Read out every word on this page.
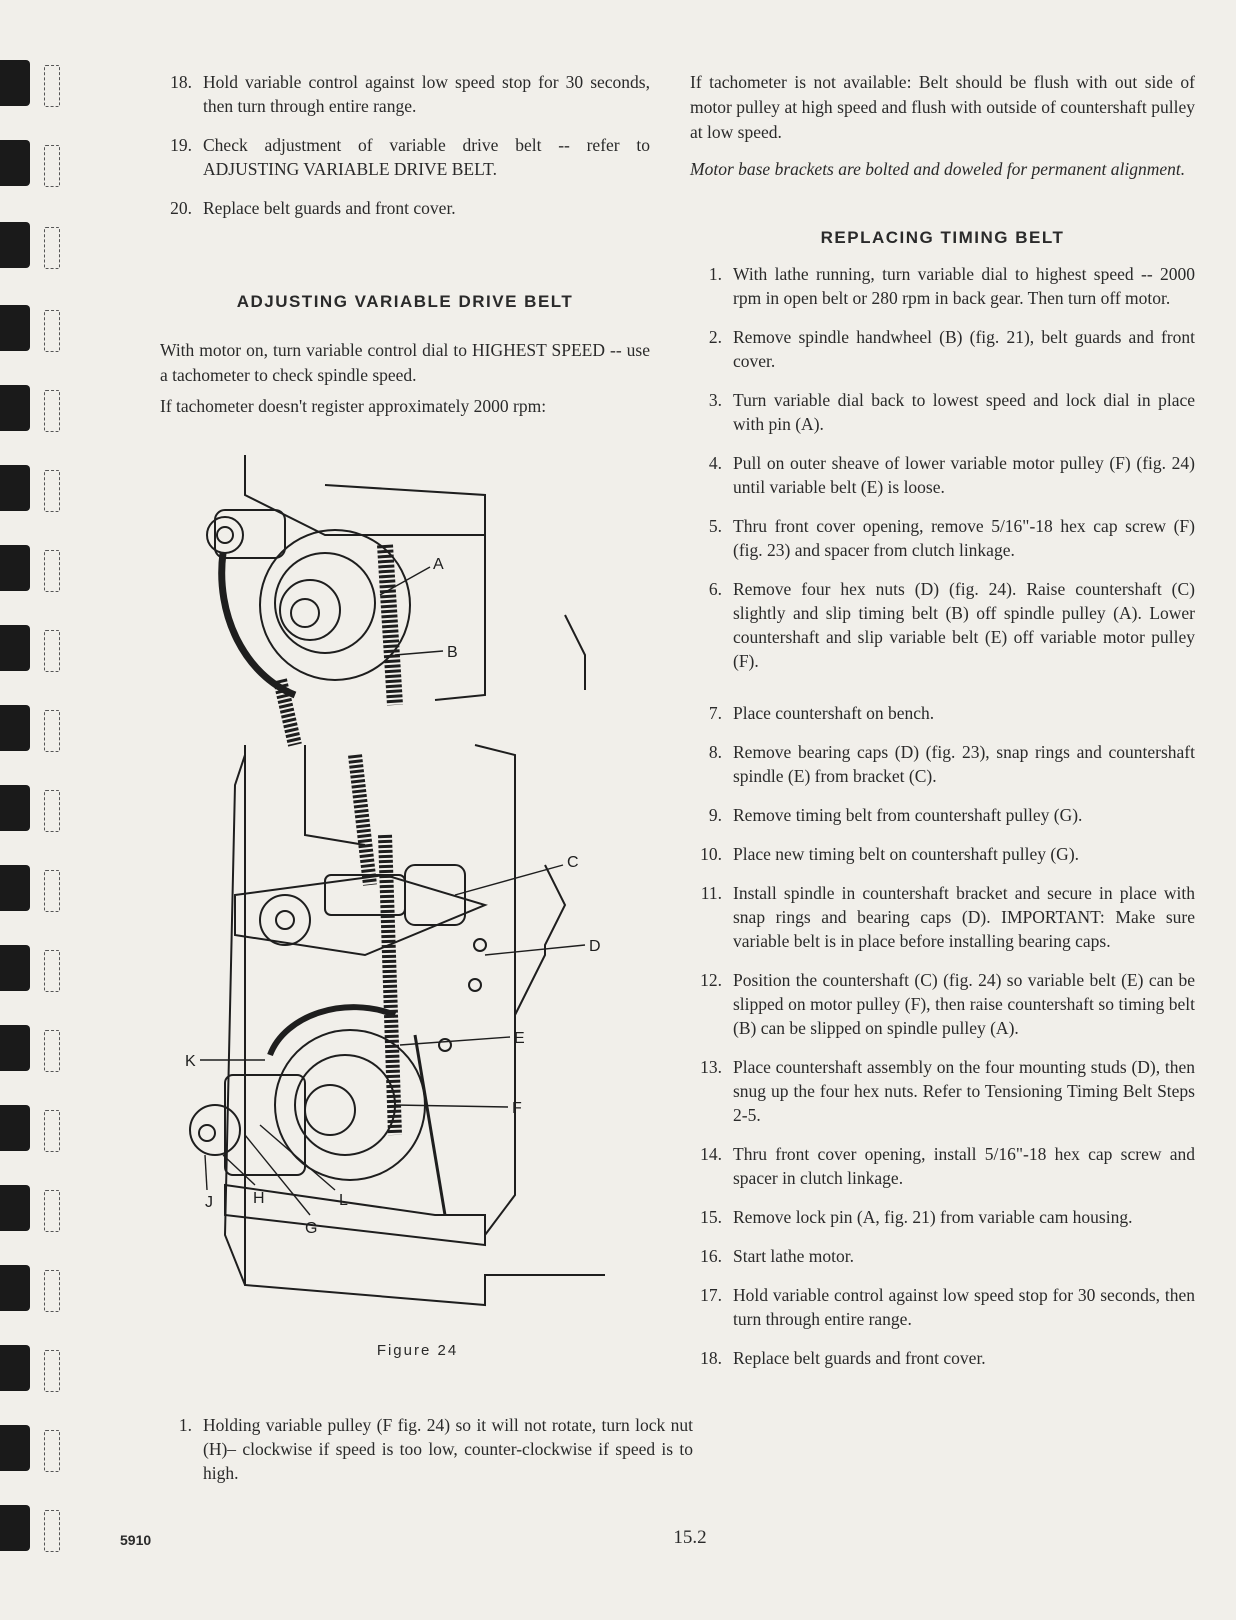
18. Hold variable control against low speed stop for 30 seconds, then turn through entire range.
19. Check adjustment of variable drive belt -- refer to ADJUSTING VARIABLE DRIVE BELT.
20. Replace belt guards and front cover.
ADJUSTING VARIABLE DRIVE BELT
With motor on, turn variable control dial to HIGHEST SPEED -- use a tachometer to check spindle speed.
If tachometer doesn't register approximately 2000 rpm:
A
B
C
D
E
F
G
H
J
K
L
Figure 24
1. Holding variable pulley (F fig. 24) so it will not rotate, turn lock nut (H)– clockwise if speed is too low, counter-clockwise if speed is to high.
If tachometer is not available: Belt should be flush with out side of motor pulley at high speed and flush with outside of countershaft pulley at low speed.
Motor base brackets are bolted and doweled for permanent alignment.
REPLACING TIMING BELT
1. With lathe running, turn variable dial to highest speed -- 2000 rpm in open belt or 280 rpm in back gear. Then turn off motor.
2. Remove spindle handwheel (B) (fig. 21), belt guards and front cover.
3. Turn variable dial back to lowest speed and lock dial in place with pin (A).
4. Pull on outer sheave of lower variable motor pulley (F) (fig. 24) until variable belt (E) is loose.
5. Thru front cover opening, remove 5/16"-18 hex cap screw (F) (fig. 23) and spacer from clutch linkage.
6. Remove four hex nuts (D) (fig. 24). Raise countershaft (C) slightly and slip timing belt (B) off spindle pulley (A). Lower countershaft and slip variable belt (E) off variable motor pulley (F).
7. Place countershaft on bench.
8. Remove bearing caps (D) (fig. 23), snap rings and countershaft spindle (E) from bracket (C).
9. Remove timing belt from countershaft pulley (G).
10. Place new timing belt on countershaft pulley (G).
11. Install spindle in countershaft bracket and secure in place with snap rings and bearing caps (D). IMPORTANT: Make sure variable belt is in place before installing bearing caps.
12. Position the countershaft (C) (fig. 24) so variable belt (E) can be slipped on motor pulley (F), then raise countershaft so timing belt (B) can be slipped on spindle pulley (A).
13. Place countershaft assembly on the four mounting studs (D), then snug up the four hex nuts. Refer to Tensioning Timing Belt Steps 2-5.
14. Thru front cover opening, install 5/16"-18 hex cap screw and spacer in clutch linkage.
15. Remove lock pin (A, fig. 21) from variable cam housing.
16. Start lathe motor.
17. Hold variable control against low speed stop for 30 seconds, then turn through entire range.
18. Replace belt guards and front cover.
5910	15.2
